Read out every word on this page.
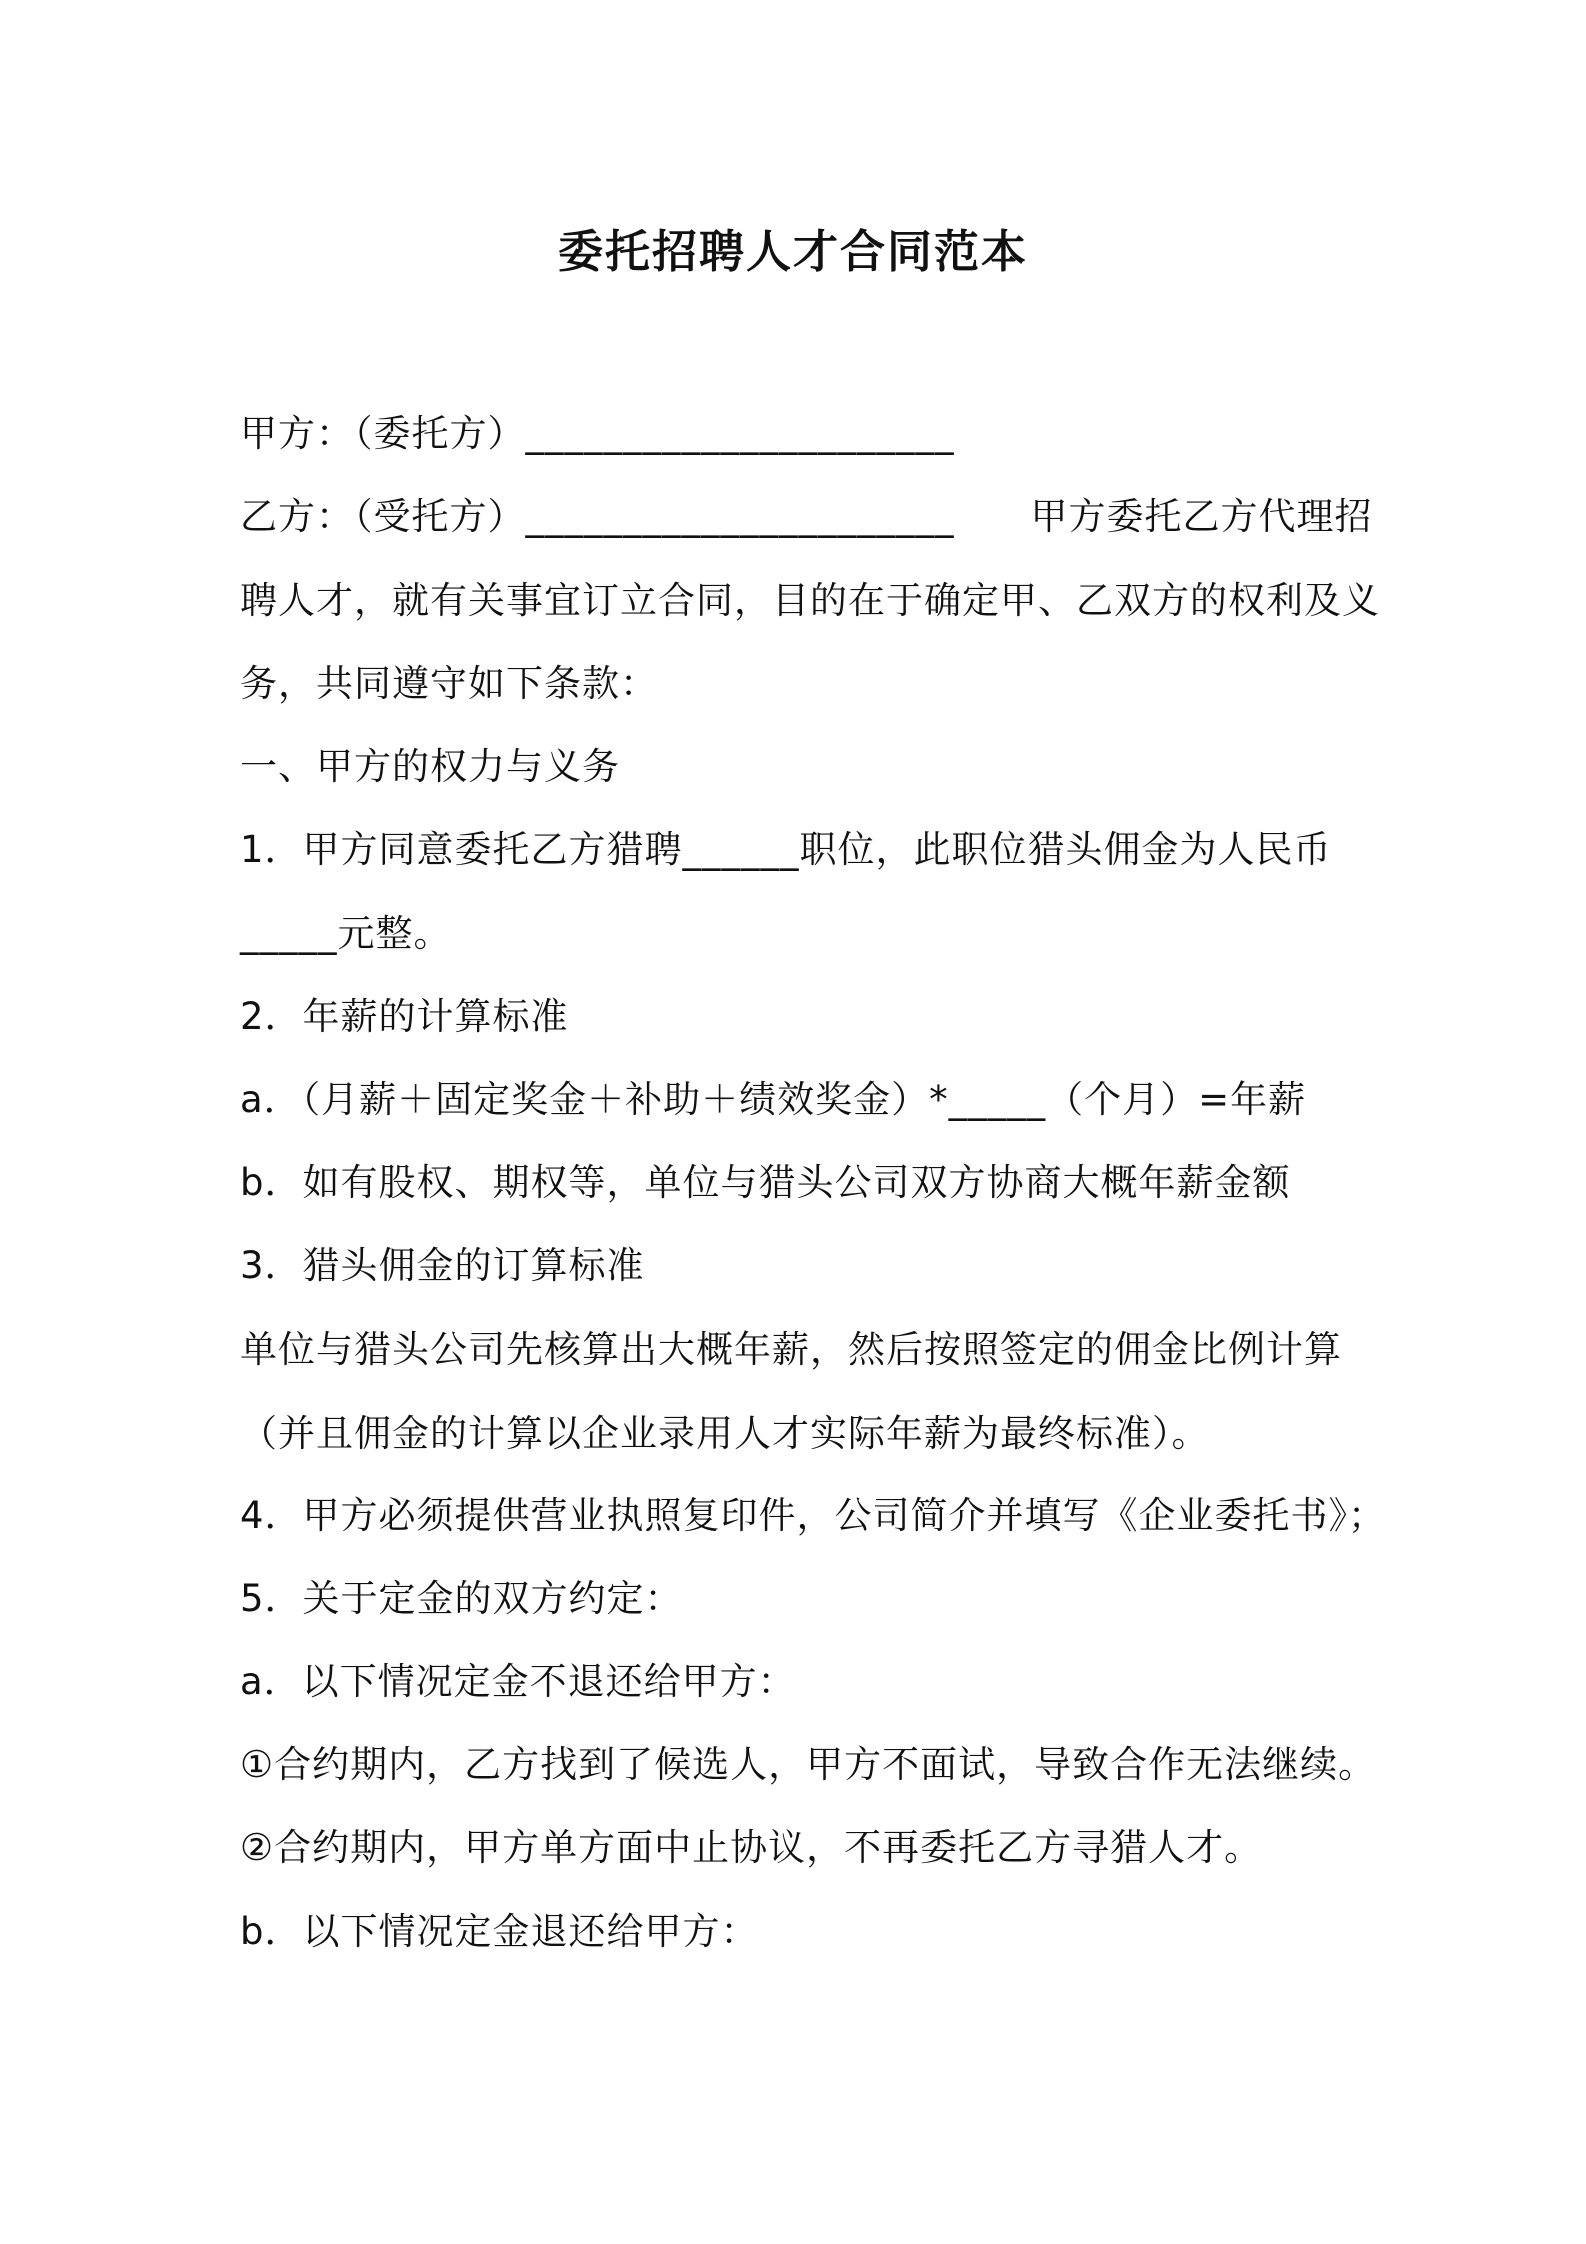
委托招聘人才合同范本
甲方：（委托方）______________________
乙方：（受托方）______________________ 甲方委托乙方代理招
聘人才，就有关事宜订立合同，目的在于确定甲、乙双方的权利及义
务，共同遵守如下条款：
一、甲方的权力与义务
1．甲方同意委托乙方猎聘______职位，此职位猎头佣金为人民币
_____元整。
2．年薪的计算标准
a．（月薪＋固定奖金＋补助＋绩效奖金）*_____（个月）=年薪
b．如有股权、期权等，单位与猎头公司双方协商大概年薪金额
3．猎头佣金的订算标准
单位与猎头公司先核算出大概年薪，然后按照签定的佣金比例计算
（并且佣金的计算以企业录用人才实际年薪为最终标准）。
4．甲方必须提供营业执照复印件，公司简介并填写《企业委托书》；
5．关于定金的双方约定：
a．以下情况定金不退还给甲方：
①合约期内，乙方找到了候选人，甲方不面试，导致合作无法继续。
②合约期内，甲方单方面中止协议，不再委托乙方寻猎人才。
b．以下情况定金退还给甲方：
